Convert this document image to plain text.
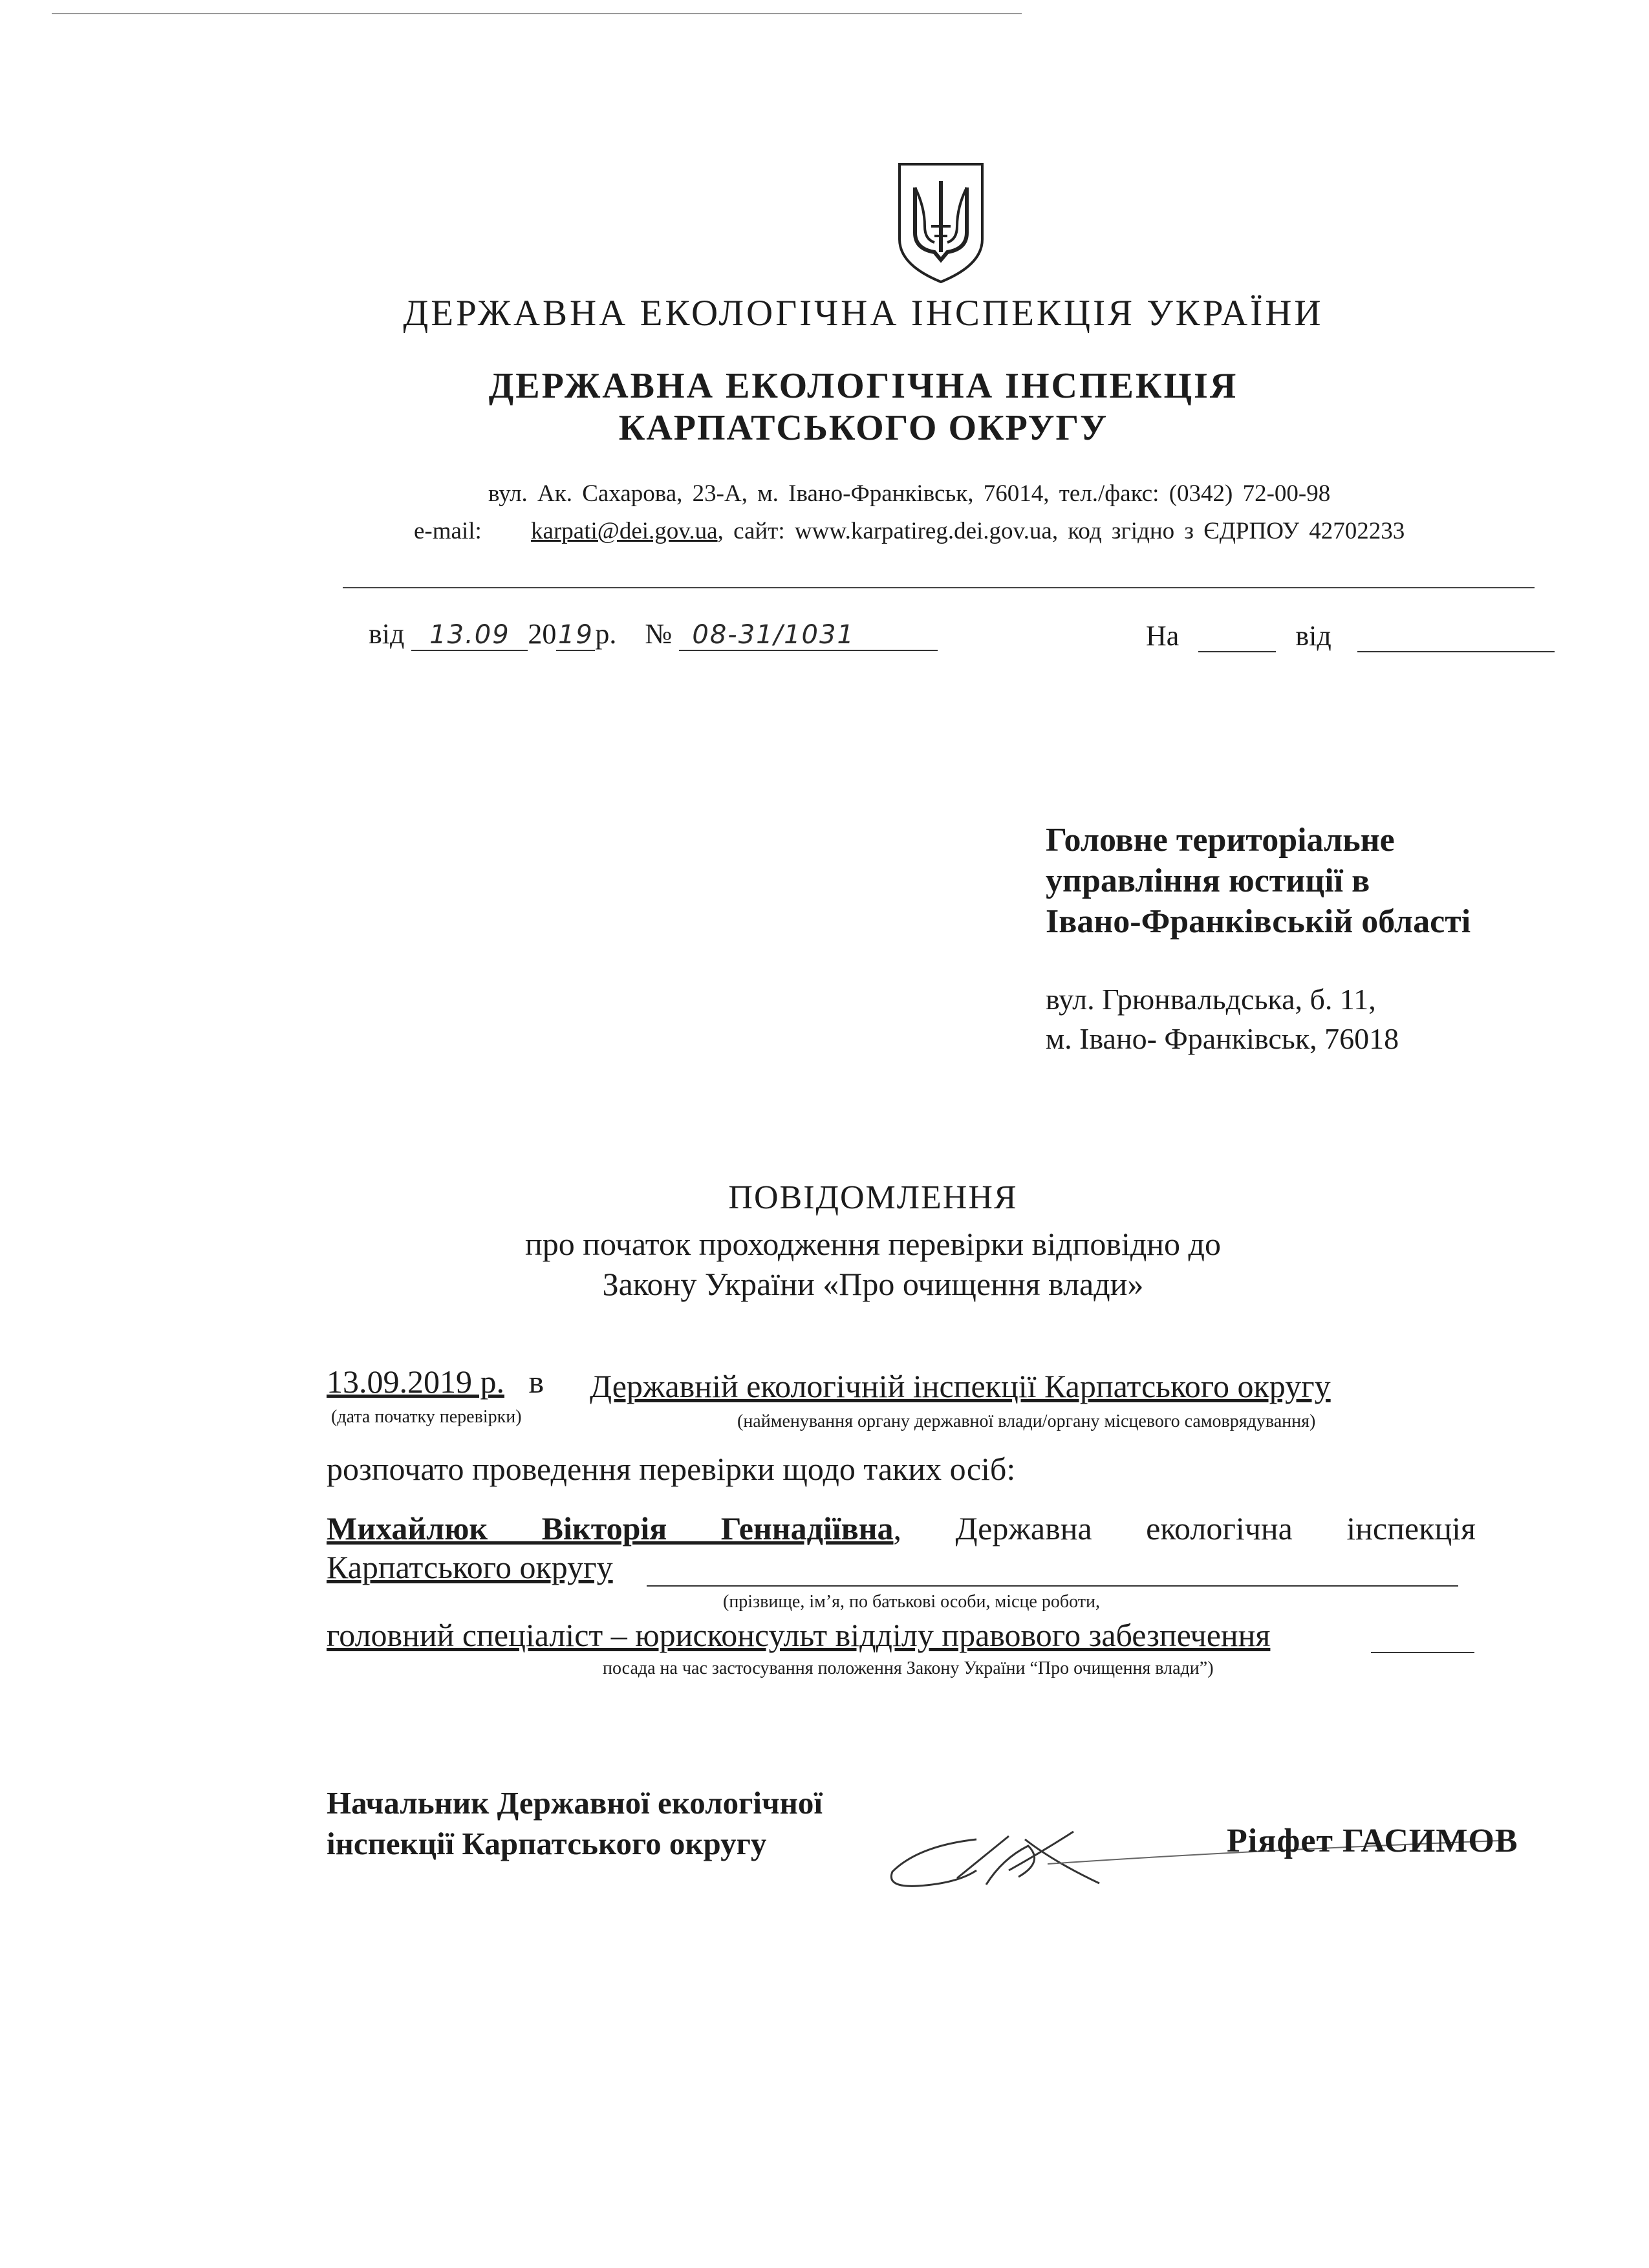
ДЕРЖАВНА ЕКОЛОГІЧНА ІНСПЕКЦІЯ УКРАЇНИ
ДЕРЖАВНА ЕКОЛОГІЧНА ІНСПЕКЦІЯ
КАРПАТСЬКОГО ОКРУГУ
вул. Ак. Сахарова, 23-А, м. Івано-Франківськ, 76014, тел./факс: (0342) 72-00-98
e-mail: karpati@dei.gov.ua, сайт: www.karpatireg.dei.gov.ua, код згідно з ЄДРПОУ 42702233
від 13.09 2019р. № 08-31/1031	На	від
Головне територіальне
управління юстиції в
Івано-Франківській області
вул. Грюнвальдська, б. 11,
м. Івано- Франківськ, 76018
ПОВІДОМЛЕННЯ
про початок проходження перевірки відповідно до
Закону України «Про очищення влади»
13.09.2019 р. в Державній екологічній інспекції Карпатського округу
(дата початку перевірки)	(найменування органу державної влади/органу місцевого самоврядування)
розпочато проведення перевірки щодо таких осіб:
Михайлюк Вікторія Геннадіївна, Державна екологічна інспекція
Карпатського округу
(прізвище, ім’я, по батькові особи, місце роботи,
головний спеціаліст – юрисконсульт відділу правового забезпечення
посада на час застосування положення Закону України “Про очищення влади”)
Начальник Державної екологічної
інспекції Карпатського округу	Ріяфет ГАСИМОВ
